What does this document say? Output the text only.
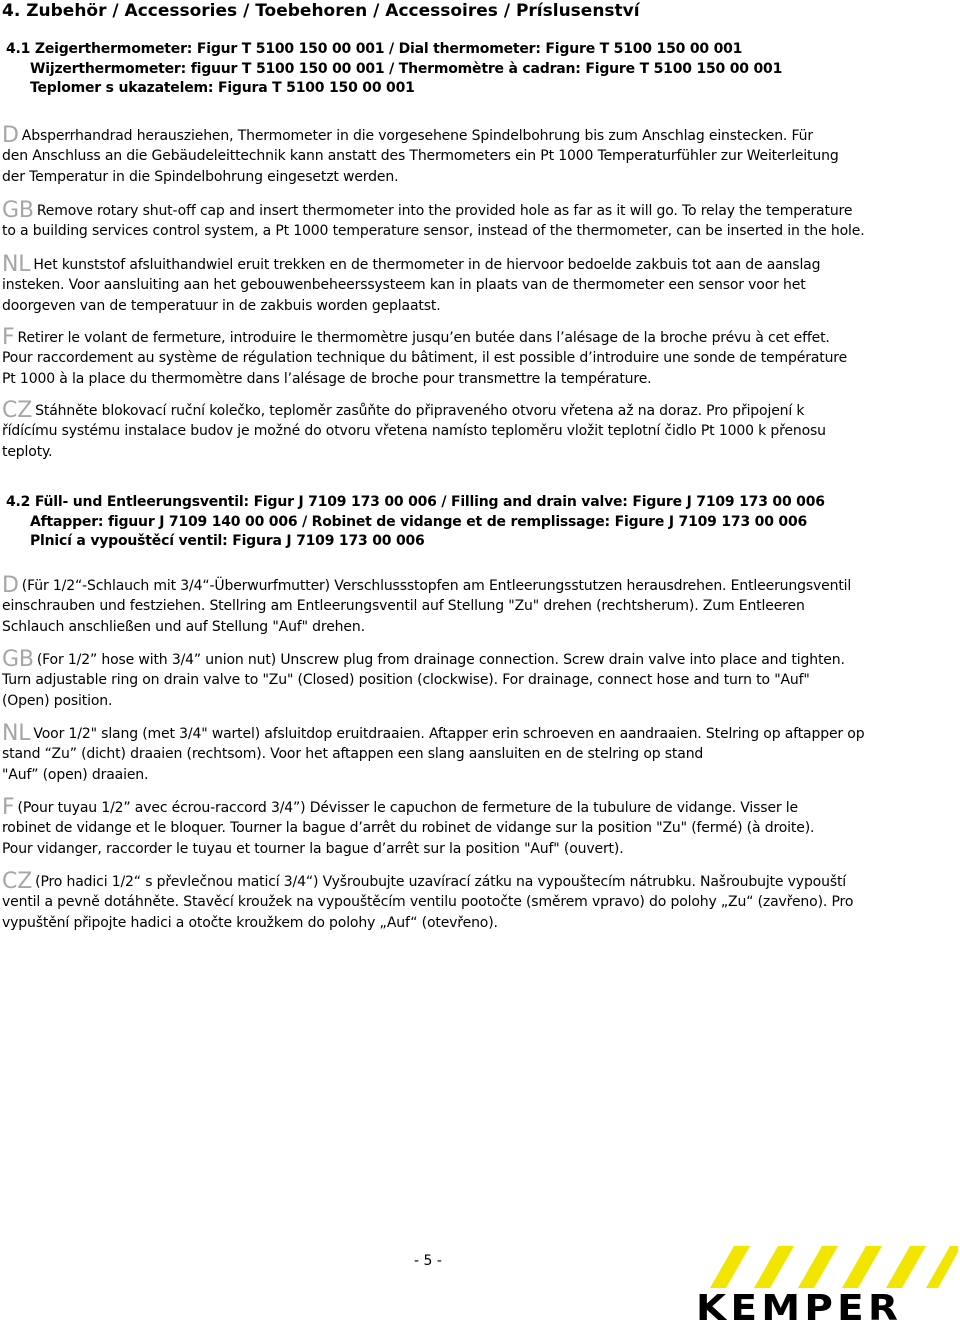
4. Zubehör / Accessories / Toebehoren / Accessoires / Príslusenství
4.1 Zeigerthermometer: Figur T 5100 150 00 001 / Dial thermometer: Figure T 5100 150 00 001
Wijzerthermometer: figuur T 5100 150 00 001 / Thermomètre à cadran: Figure T 5100 150 00 001
Teplomer s ukazatelem: Figura T 5100 150 00 001
D Absperrhandrad herausziehen, Thermometer in die vorgesehene Spindelbohrung bis zum Anschlag einstecken. Für
den Anschluss an die Gebäudeleittechnik kann anstatt des Thermometers ein Pt 1000 Temperaturfühler zur Weiterleitung
der Temperatur in die Spindelbohrung eingesetzt werden.
GB Remove rotary shut-off cap and insert thermometer into the provided hole as far as it will go. To relay the temperature
to a building services control system, a Pt 1000 temperature sensor, instead of the thermometer, can be inserted in the hole.
NL Het kunststof afsluithandwiel eruit trekken en de thermometer in de hiervoor bedoelde zakbuis tot aan de aanslag
insteken. Voor aansluiting aan het gebouwenbeheerssysteem kan in plaats van de thermometer een sensor voor het
doorgeven van de temperatuur in de zakbuis worden geplaatst.
F Retirer le volant de fermeture, introduire le thermomètre jusqu’en butée dans l’alésage de la broche prévu à cet effet.
Pour raccordement au système de régulation technique du bâtiment, il est possible d’introduire une sonde de température
Pt 1000 à la place du thermomètre dans l’alésage de broche pour transmettre la température.
CZ Stáhněte blokovací ruční kolečko, teploměr zasůňte do připraveného otvoru vřetena až na doraz. Pro připojení k
řídícímu systému instalace budov je možné do otvoru vřetena namísto teploměru vložit teplotní čidlo Pt 1000 k přenosu
teploty.
4.2 Füll- und Entleerungsventil: Figur J 7109 173 00 006 / Filling and drain valve: Figure J 7109 173 00 006
Aftapper: figuur J 7109 140 00 006 / Robinet de vidange et de remplissage: Figure J 7109 173 00 006
Plnicí a vypouštěcí ventil: Figura J 7109 173 00 006
D (Für 1/2“-Schlauch mit 3/4“-Überwurfmutter) Verschlussstopfen am Entleerungsstutzen herausdrehen. Entleerungsventil
einschrauben und festziehen. Stellring am Entleerungsventil auf Stellung "Zu" drehen (rechtsherum). Zum Entleeren
Schlauch anschließen und auf Stellung "Auf" drehen.
GB (For 1/2” hose with 3/4” union nut) Unscrew plug from drainage connection. Screw drain valve into place and tighten.
Turn adjustable ring on drain valve to "Zu" (Closed) position (clockwise). For drainage, connect hose and turn to "Auf"
(Open) position.
NL Voor 1/2" slang (met 3/4" wartel) afsluitdop eruitdraaien. Aftapper erin schroeven en aandraaien. Stelring op aftapper op
stand “Zu” (dicht) draaien (rechtsom). Voor het aftappen een slang aansluiten en de stelring op stand
"Auf” (open) draaien.
F (Pour tuyau 1/2” avec écrou-raccord 3/4”) Dévisser le capuchon de fermeture de la tubulure de vidange. Visser le
robinet de vidange et le bloquer. Tourner la bague d’arrêt du robinet de vidange sur la position "Zu" (fermé) (à droite).
Pour vidanger, raccorder le tuyau et tourner la bague d’arrêt sur la position "Auf" (ouvert).
CZ (Pro hadici 1/2“ s převlečnou maticí 3/4“) Vyšroubujte uzavírací zátku na vypouštecím nátrubku. Našroubujte vypouští
ventil a pevně dotáhněte. Stavěcí kroužek na vypouštěcím ventilu pootočte (směrem vpravo) do polohy „Zu“ (zavřeno). Pro
vypuštění připojte hadici a otočte kroužkem do polohy „Auf“ (otevřeno).
- 5 -
KEMPER
